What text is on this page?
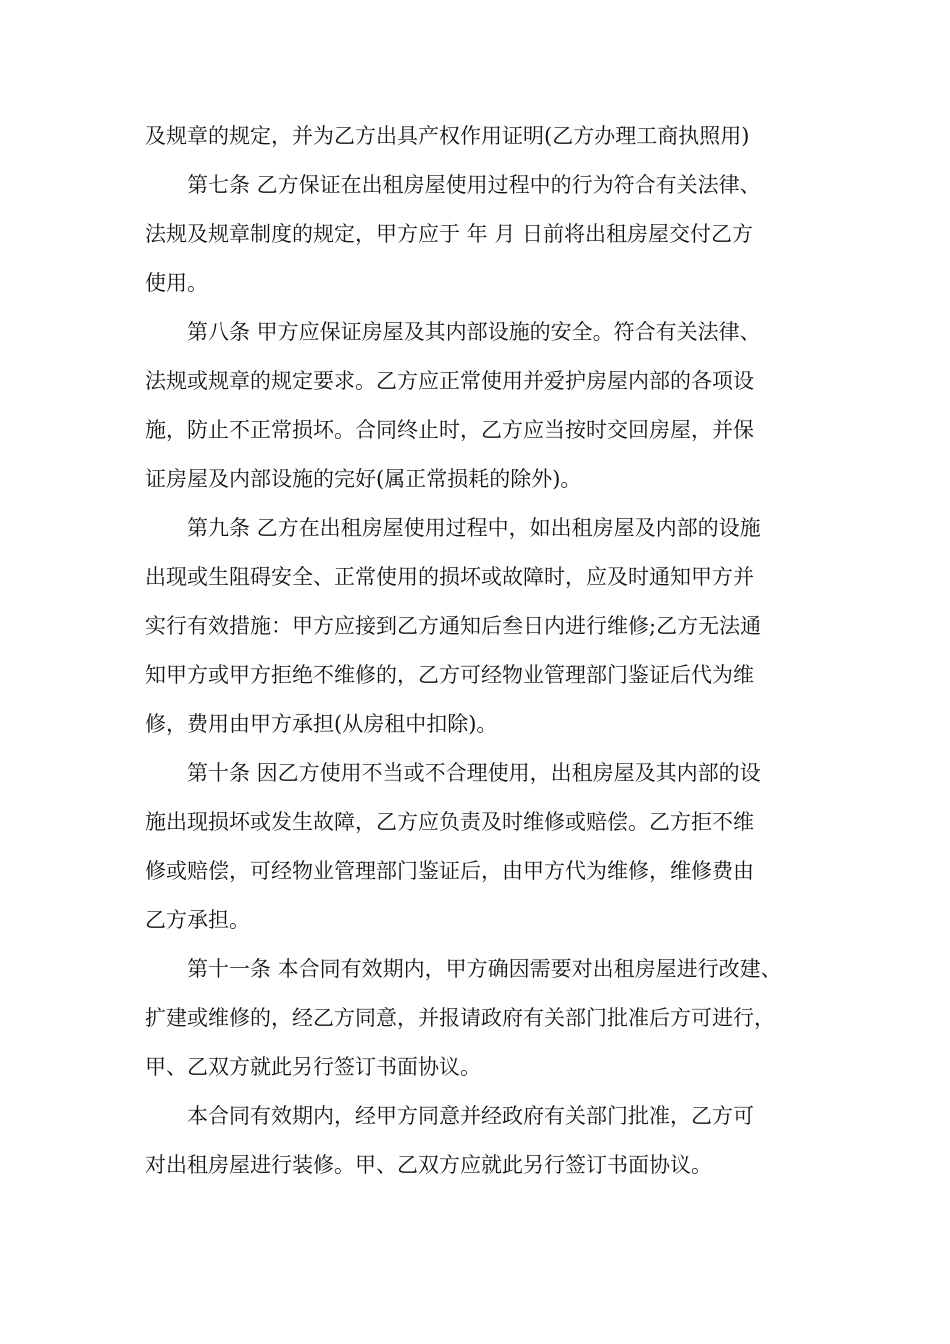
及规章的规定，并为乙方出具产权作用证明(乙方办理工商执照用)
　　第七条 乙方保证在出租房屋使用过程中的行为符合有关法律、
法规及规章制度的规定，甲方应于 年 月 日前将出租房屋交付乙方
使用。
　　第八条 甲方应保证房屋及其内部设施的安全。符合有关法律、
法规或规章的规定要求。乙方应正常使用并爱护房屋内部的各项设
施，防止不正常损坏。合同终止时，乙方应当按时交回房屋，并保
证房屋及内部设施的完好(属正常损耗的除外)。
　　第九条 乙方在出租房屋使用过程中，如出租房屋及内部的设施
出现或生阻碍安全、正常使用的损坏或故障时，应及时通知甲方并
实行有效措施：甲方应接到乙方通知后叁日内进行维修;乙方无法通
知甲方或甲方拒绝不维修的，乙方可经物业管理部门鉴证后代为维
修，费用由甲方承担(从房租中扣除)。
　　第十条 因乙方使用不当或不合理使用，出租房屋及其内部的设
施出现损坏或发生故障，乙方应负责及时维修或赔偿。乙方拒不维
修或赔偿，可经物业管理部门鉴证后，由甲方代为维修，维修费由
乙方承担。
　　第十一条 本合同有效期内，甲方确因需要对出租房屋进行改建、
扩建或维修的，经乙方同意，并报请政府有关部门批准后方可进行，
甲、乙双方就此另行签订书面协议。
　　本合同有效期内，经甲方同意并经政府有关部门批准，乙方可
对出租房屋进行装修。甲、乙双方应就此另行签订书面协议。
